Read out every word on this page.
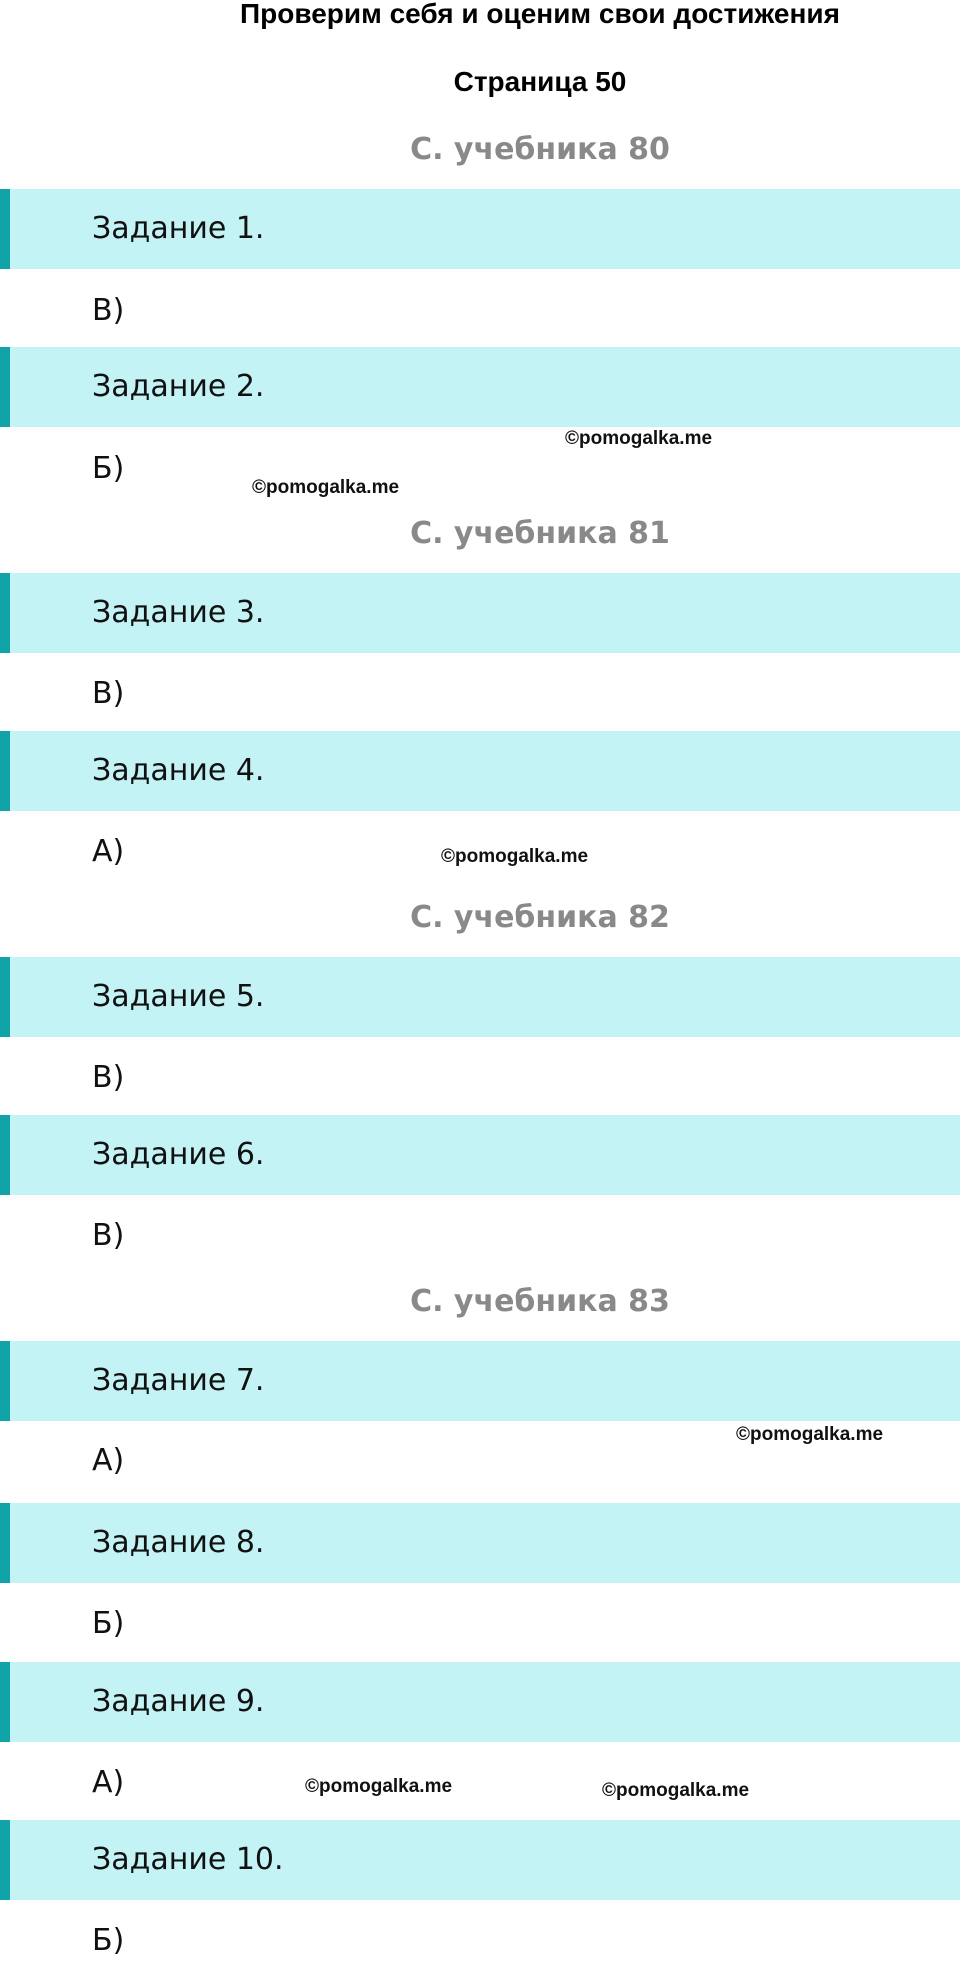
Проверим себя и оценим свои достижения
Страница 50
С. учебника 80
Задание 1.
В)
Задание 2.
Б)
С. учебника 81
Задание 3.
В)
Задание 4.
А)
С. учебника 82
Задание 5.
В)
Задание 6.
В)
С. учебника 83
Задание 7.
А)
Задание 8.
Б)
Задание 9.
А)
Задание 10.
Б)
©pomogalka.me
©pomogalka.me
©pomogalka.me
©pomogalka.me
©pomogalka.me	©pomogalka.me
